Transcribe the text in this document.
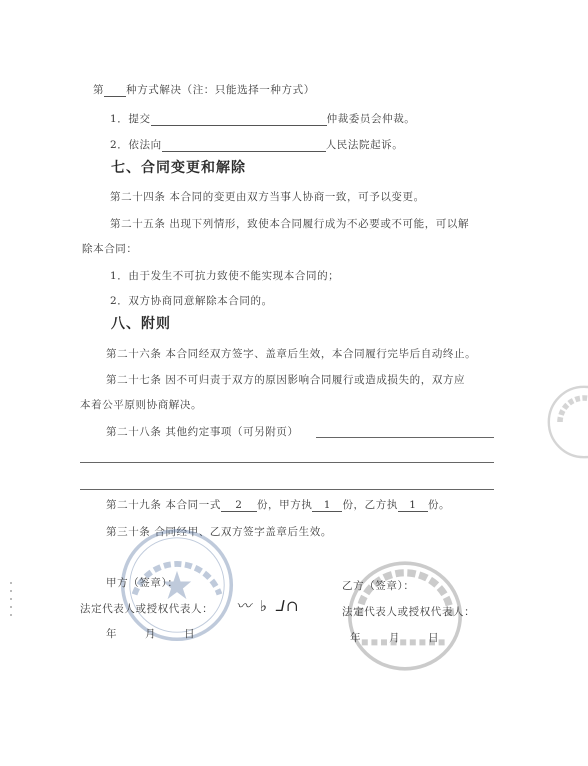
第 种方式解决（注：只能选择一种方式）
1．提交	仲裁委员会仲裁。
2．依法向	人民法院起诉。
七、合同变更和解除
第二十四条 本合同的变更由双方当事人协商一致，可予以变更。
第二十五条 出现下列情形，致使本合同履行成为不必要或不可能，可以解
除本合同：
1．由于发生不可抗力致使不能实现本合同的；
2．双方协商同意解除本合同的。
八、附则
第二十六条 本合同经双方签字、盖章后生效，本合同履行完毕后自动终止。
第二十七条 因不可归责于双方的原因影响合同履行或造成损失的，双方应
本着公平原则协商解决。
第二十八条 其他约定事项（可另附页）
第二十九条 本合同一式 2 份，甲方执 1 份，乙方执 1 份。
第三十条 合同经甲、乙双方签字盖章后生效。
甲方（签章）：
法定代表人或授权代表人： 〰 ♭ ⅃∩
年 月 日
乙方（签章）：
法定代表人或授权代表人：
年 月 日
